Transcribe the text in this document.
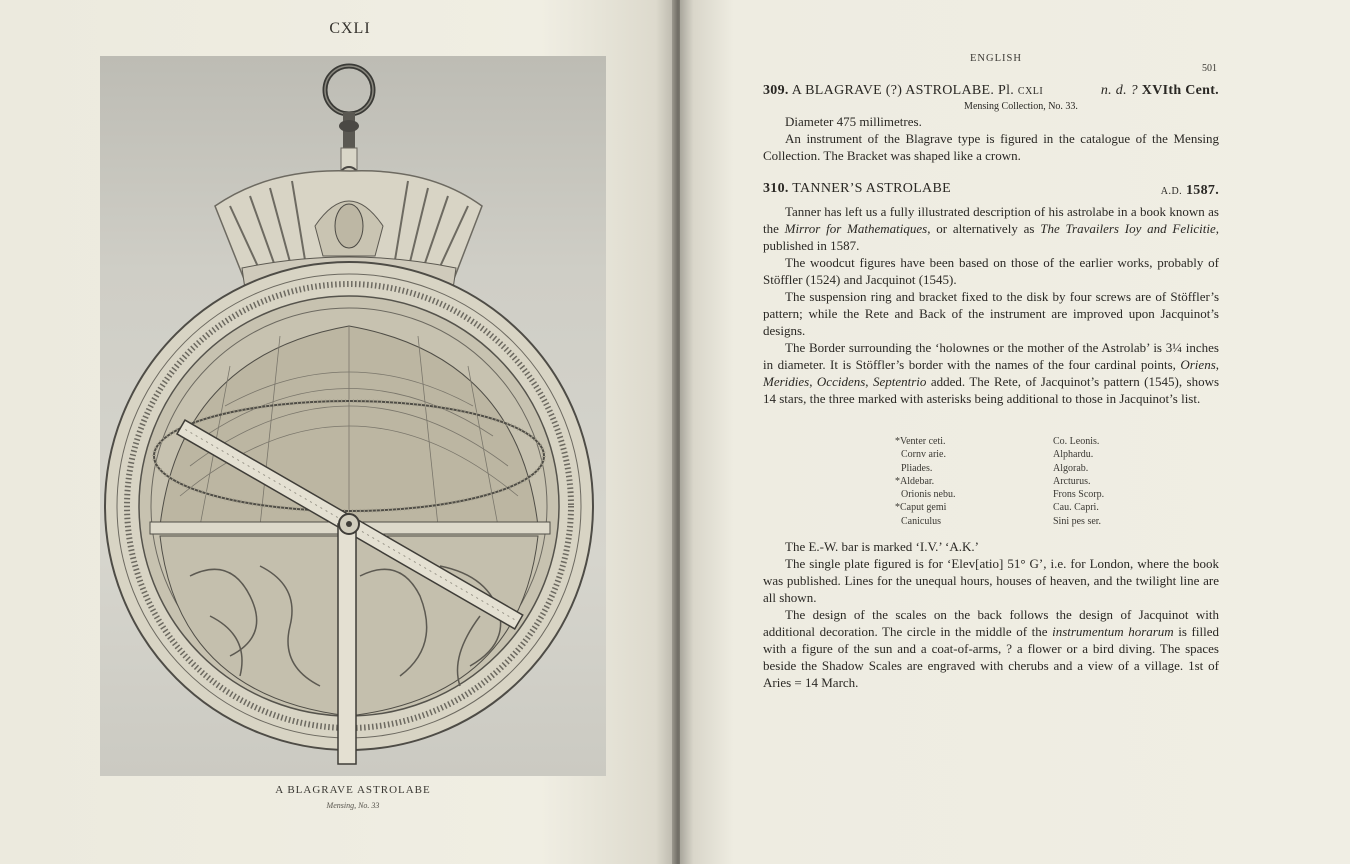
CXLI
A BLAGRAVE ASTROLABE
Mensing, No. 33
ENGLISH
501
309. A BLAGRAVE (?) ASTROLABE. Pl. CXLI	n. d. ? XVIth Cent.
Mensing Collection, No. 33.
Diameter 475 millimetres.
An instrument of the Blagrave type is figured in the catalogue of the Mensing Collection. The Bracket was shaped like a crown.
310. TANNER’S ASTROLABE	A.D. 1587.
Tanner has left us a fully illustrated description of his astrolabe in a book known as the Mirror for Mathematiques, or alternatively as The Travailers Ioy and Felicitie, published in 1587.
The woodcut figures have been based on those of the earlier works, probably of Stöffler (1524) and Jacquinot (1545).
The suspension ring and bracket fixed to the disk by four screws are of Stöffler’s pattern; while the Rete and Back of the instrument are improved upon Jacquinot’s designs.
The Border surrounding the ‘holownes or the mother of the Astrolab’ is 3¼ inches in diameter. It is Stöffler’s border with the names of the four cardinal points, Oriens, Meridies, Occidens, Septentrio added. The Rete, of Jacquinot’s pattern (1545), shows 14 stars, the three marked with asterisks being additional to those in Jacquinot’s list.
*Venter ceti.
Cornv arie.
Pliades.
*Aldebar.
Orionis nebu.
*Caput gemi
Caniculus
Co. Leonis.
Alphardu.
Algorab.
Arcturus.
Frons Scorp.
Cau. Capri.
Sini pes ser.
The E.-W. bar is marked ‘I.V.’ ‘A.K.’
The single plate figured is for ‘Elev[atio] 51° G’, i.e. for London, where the book was published. Lines for the unequal hours, houses of heaven, and the twilight line are all shown.
The design of the scales on the back follows the design of Jacquinot with additional decoration. The circle in the middle of the instrumentum horarum is filled with a figure of the sun and a coat-of-arms, ? a flower or a bird diving. The spaces beside the Shadow Scales are engraved with cherubs and a view of a village. 1st of Aries = 14 March.
